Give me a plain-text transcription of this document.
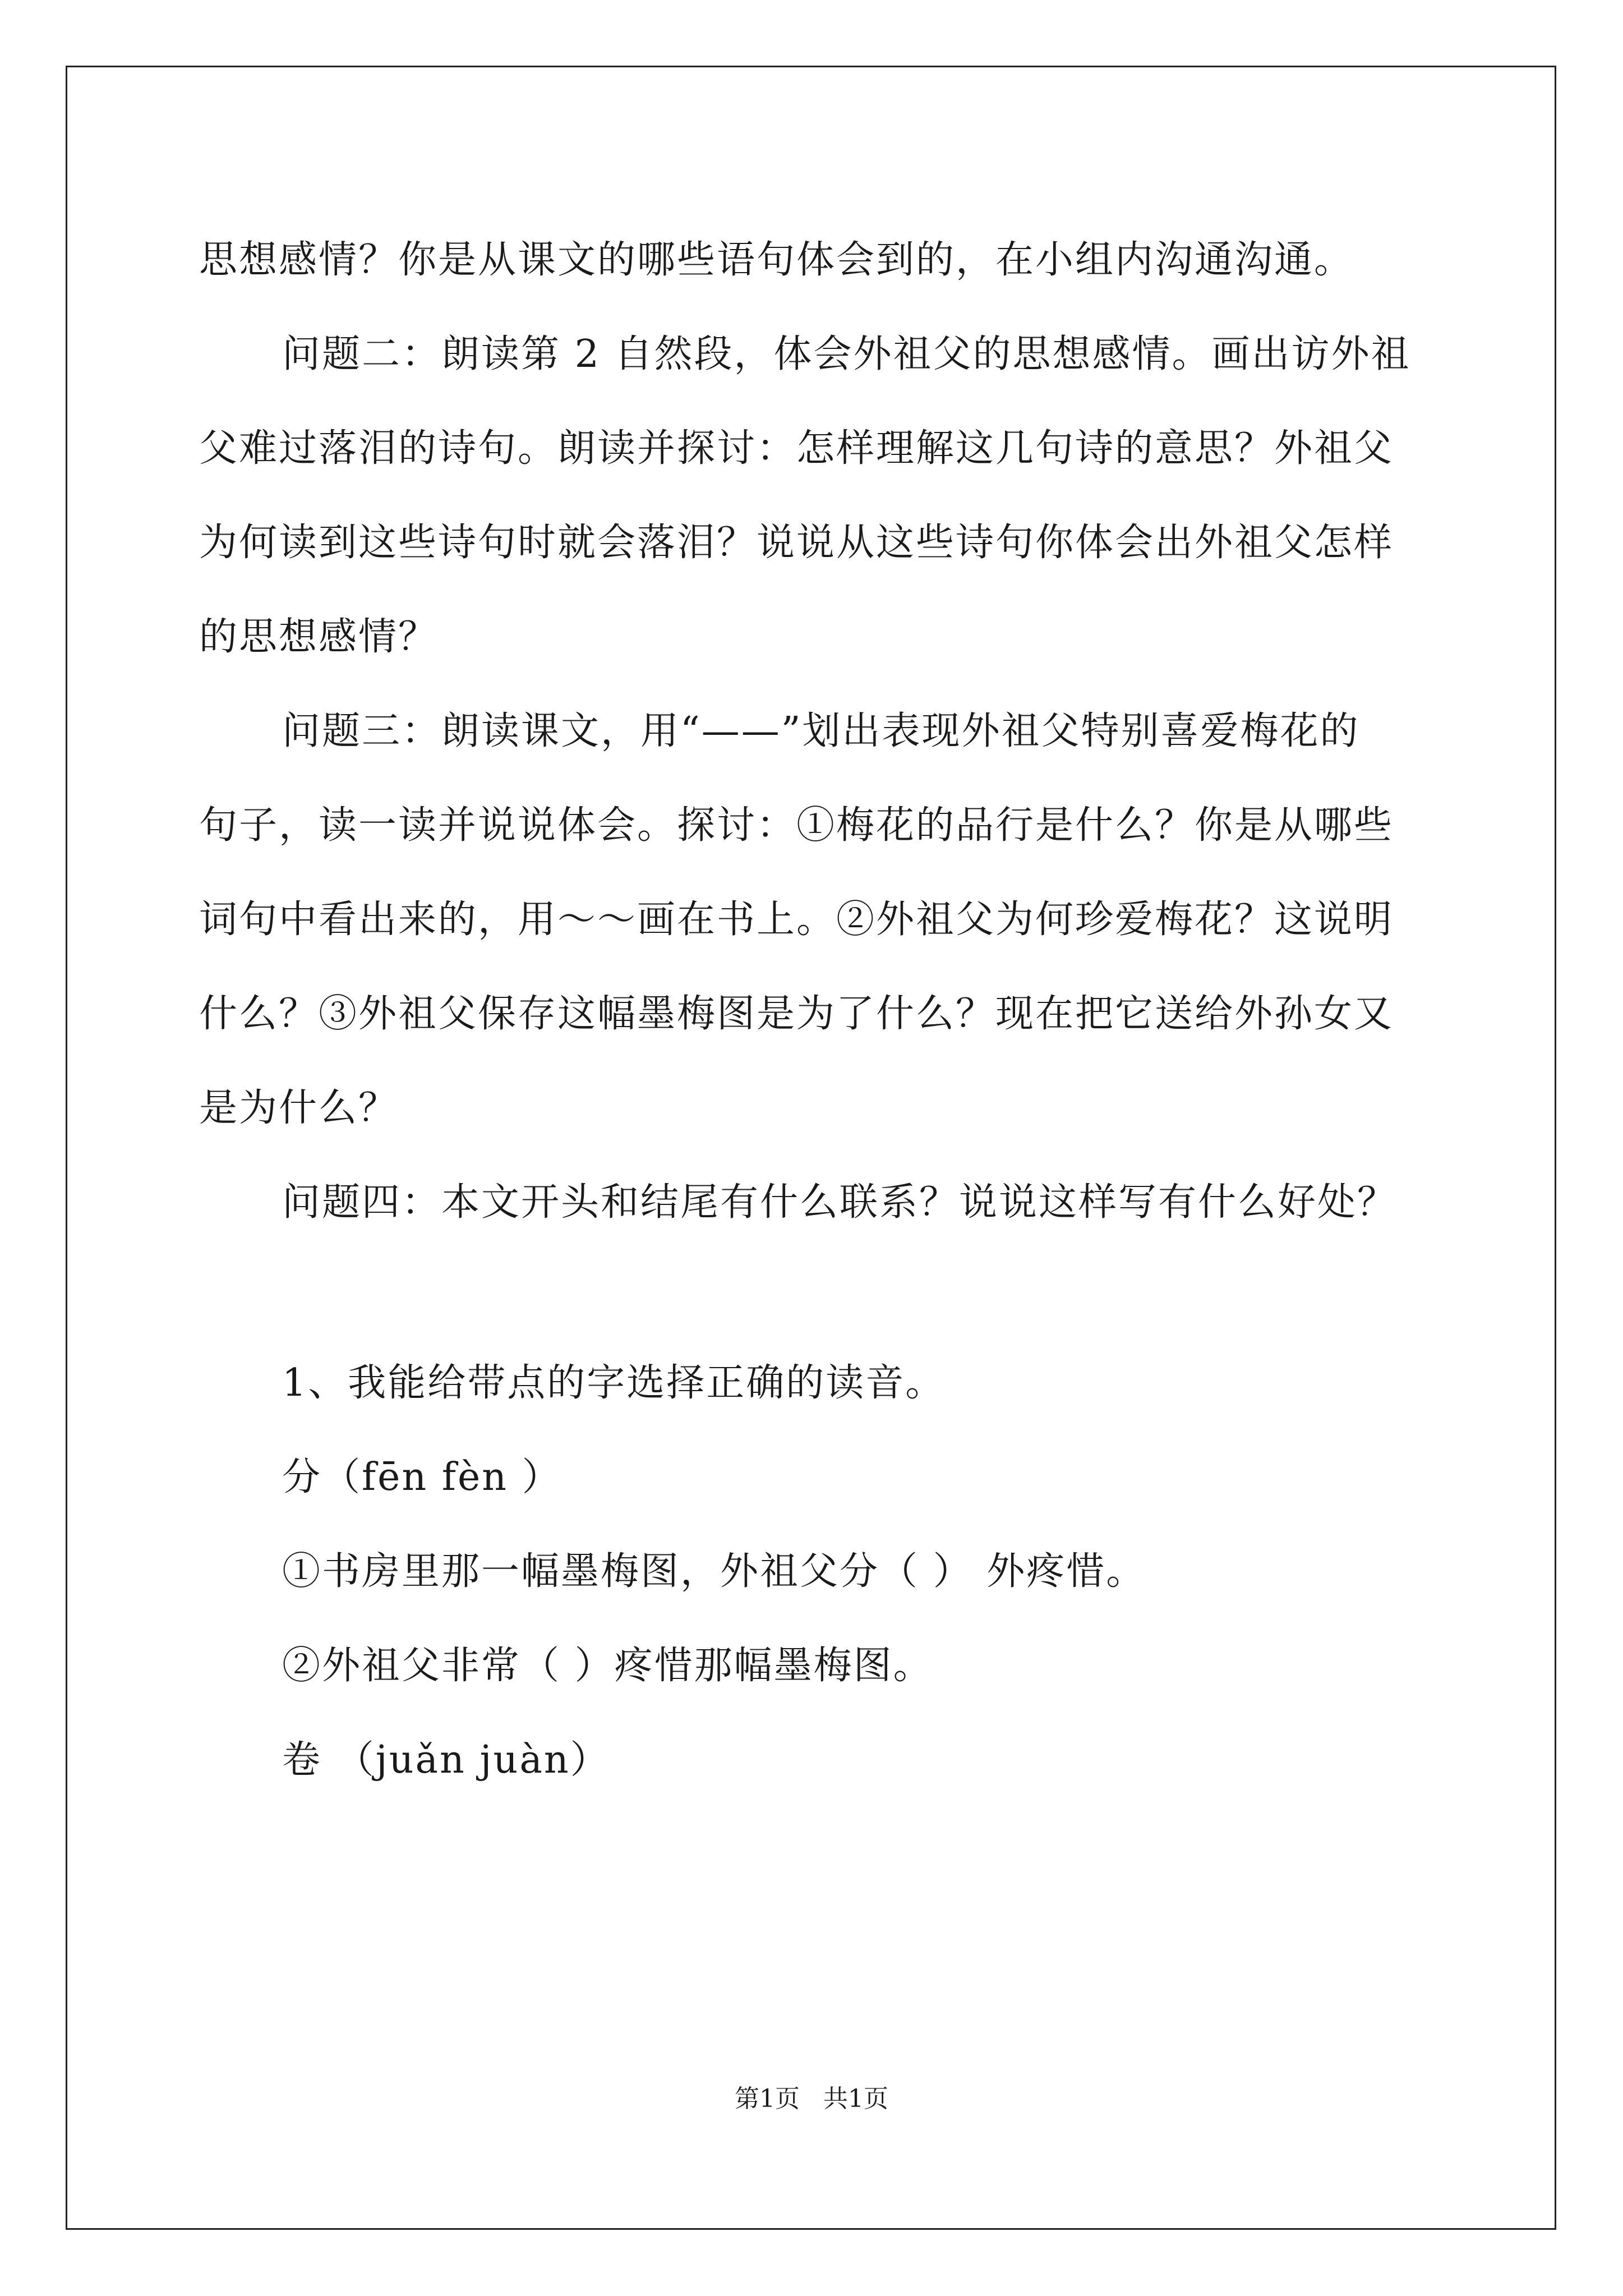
思想感情？你是从课文的哪些语句体会到的，在小组内沟通沟通。
问题二：朗读第 2 自然段，体会外祖父的思想感情。画出访外祖
父难过落泪的诗句。朗读并探讨：怎样理解这几句诗的意思？外祖父
为何读到这些诗句时就会落泪？说说从这些诗句你体会出外祖父怎样
的思想感情？
问题三：朗读课文，用“——”划出表现外祖父特别喜爱梅花的
句子，读一读并说说体会。探讨：①梅花的品行是什么？你是从哪些
词句中看出来的，用～～画在书上。②外祖父为何珍爱梅花？这说明
什么？③外祖父保存这幅墨梅图是为了什么？现在把它送给外孙女又
是为什么？
问题四：本文开头和结尾有什么联系？说说这样写有什么好处？
1、我能给带点的字选择正确的读音。
分（fēn fèn ）
①书房里那一幅墨梅图，外祖父分（ ） 外疼惜。
②外祖父非常（ ）疼惜那幅墨梅图。
卷 （juǎn juàn）
第1页   共1页
